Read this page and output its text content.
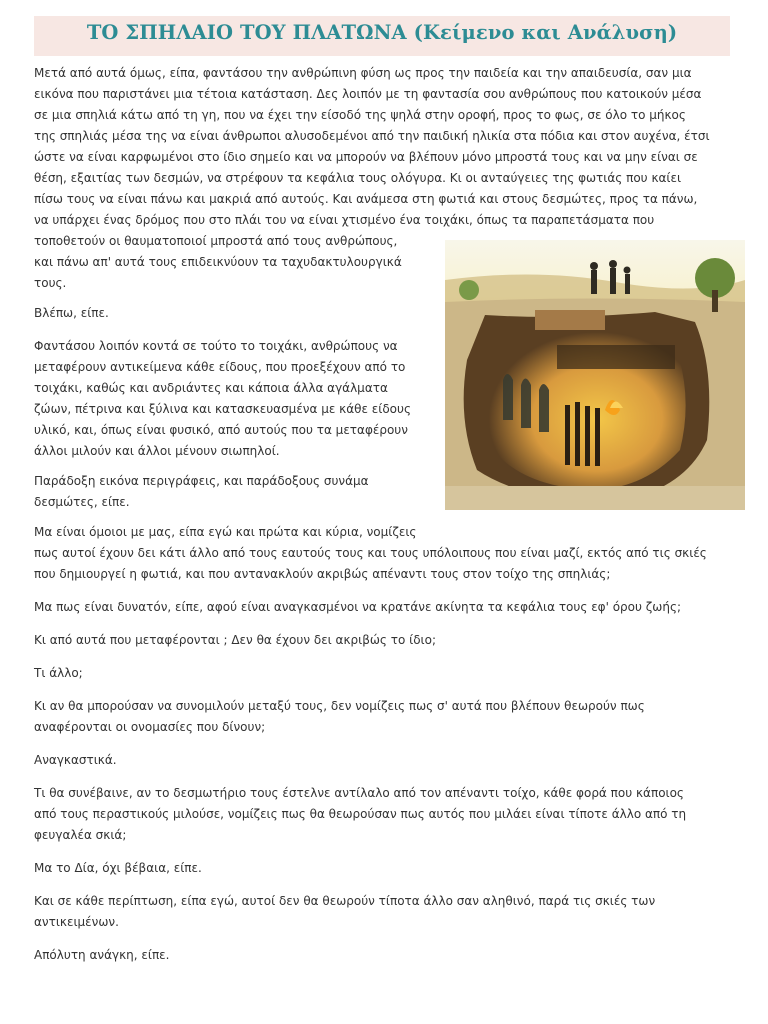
ΤΟ ΣΠΗΛΑΙΟ ΤΟΥ ΠΛΑΤΩΝΑ (Κείμενο και Ανάλυση)
Μετά από αυτά όμως, είπα, φαντάσου την ανθρώπινη φύση ως προς την παιδεία και την απαιδευσία, σαν μια
εικόνα που παριστάνει μια τέτοια κατάσταση. Δες λοιπόν με τη φαντασία σου ανθρώπους που κατοικούν μέσα
σε μια σπηλιά κάτω από τη γη, που να έχει την είσοδό της ψηλά στην οροφή, προς το φως, σε όλο το μήκος
της σπηλιάς μέσα της να είναι άνθρωποι αλυσοδεμένοι από την παιδική ηλικία στα πόδια και στον αυχένα, έτσι
ώστε να είναι καρφωμένοι στο ίδιο σημείο και να μπορούν να βλέπουν μόνο μπροστά τους και να μην είναι σε
θέση, εξαιτίας των δεσμών, να στρέφουν τα κεφάλια τους ολόγυρα. Κι οι ανταύγειες της φωτιάς που καίει
πίσω τους να είναι πάνω και μακριά από αυτούς. Και ανάμεσα στη φωτιά και στους δεσμώτες, προς τα πάνω,
να υπάρχει ένας δρόμος που στο πλάι του να είναι χτισμένο ένα τοιχάκι, όπως τα παραπετάσματα που
τοποθετούν οι θαυματοποιοί μπροστά από τους ανθρώπους,
και πάνω απ' αυτά τους επιδεικνύουν τα ταχυδακτυλουργικά
τους.
Βλέπω, είπε.
Φαντάσου λοιπόν κοντά σε τούτο το τοιχάκι, ανθρώπους να
μεταφέρουν αντικείμενα κάθε είδους, που προεξέχουν από το
τοιχάκι, καθώς και ανδριάντες και κάποια άλλα αγάλματα
ζώων, πέτρινα και ξύλινα και κατασκευασμένα με κάθε είδους
υλικό, και, όπως είναι φυσικό, από αυτούς που τα μεταφέρουν
άλλοι μιλούν και άλλοι μένουν σιωπηλοί.
Παράδοξη εικόνα περιγράφεις, και παράδοξους συνάμα
δεσμώτες, είπε.
Μα είναι όμοιοι με μας, είπα εγώ και πρώτα και κύρια, νομίζεις
πως αυτοί έχουν δει κάτι άλλο από τους εαυτούς τους και τους υπόλοιπους που είναι μαζί, εκτός από τις σκιές
που δημιουργεί η φωτιά, και που αντανακλούν ακριβώς απέναντι τους στον τοίχο της σπηλιάς;
Μα πως είναι δυνατόν, είπε, αφού είναι αναγκασμένοι να κρατάνε ακίνητα τα κεφάλια τους εφ' όρου ζωής;
Κι από αυτά που μεταφέρονται ; Δεν θα έχουν δει ακριβώς το ίδιο;
Τι άλλο;
Κι αν θα μπορούσαν να συνομιλούν μεταξύ τους, δεν νομίζεις πως σ' αυτά που βλέπουν θεωρούν πως
αναφέρονται οι ονομασίες που δίνουν;
Αναγκαστικά.
Τι θα συνέβαινε, αν το δεσμωτήριο τους έστελνε αντίλαλο από τον απέναντι τοίχο, κάθε φορά που κάποιος
από τους περαστικούς μιλούσε, νομίζεις πως θα θεωρούσαν πως αυτός που μιλάει είναι τίποτε άλλο από τη
φευγαλέα σκιά;
Μα το Δία, όχι βέβαια, είπε.
Και σε κάθε περίπτωση, είπα εγώ, αυτοί δεν θα θεωρούν τίποτα άλλο σαν αληθινό, παρά τις σκιές των
αντικειμένων.
Απόλυτη ανάγκη, είπε.
